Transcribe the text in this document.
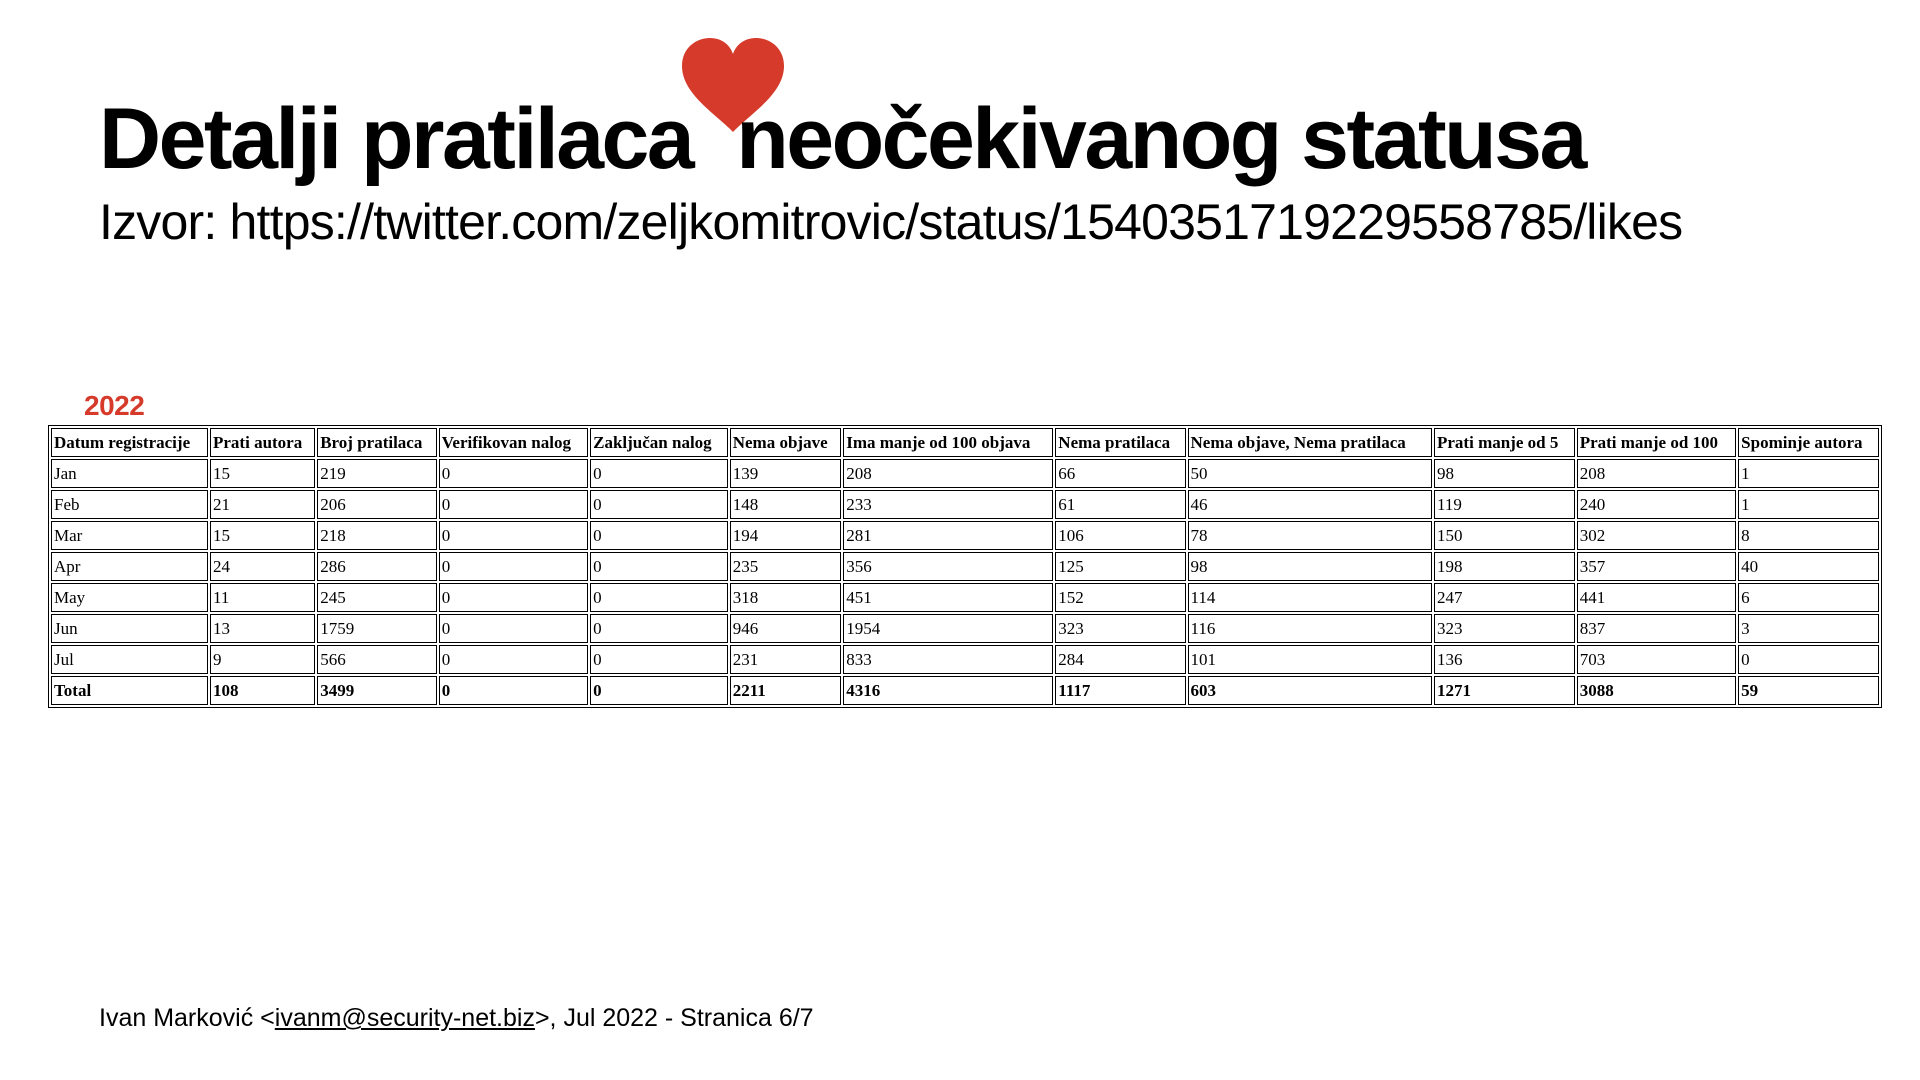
Detalji pratilaca neočekivanog statusa

Izvor: https://twitter.com/zeljkomitrovic/status/1540351719229558785/likes

2022

Datum registracije	Prati autora	Broj pratilaca	Verifikovan nalog	Zaključan nalog	Nema objave	Ima manje od 100 objava	Nema pratilaca	Nema objave, Nema pratilaca	Prati manje od 5	Prati manje od 100	Spominje autora
Jan	15	219	0	0	139	208	66	50	98	208	1
Feb	21	206	0	0	148	233	61	46	119	240	1
Mar	15	218	0	0	194	281	106	78	150	302	8
Apr	24	286	0	0	235	356	125	98	198	357	40
May	11	245	0	0	318	451	152	114	247	441	6
Jun	13	1759	0	0	946	1954	323	116	323	837	3
Jul	9	566	0	0	231	833	284	101	136	703	0
Total	108	3499	0	0	2211	4316	1117	603	1271	3088	59

Ivan Marković <ivanm@security-net.biz>, Jul 2022 - Stranica 6/7
